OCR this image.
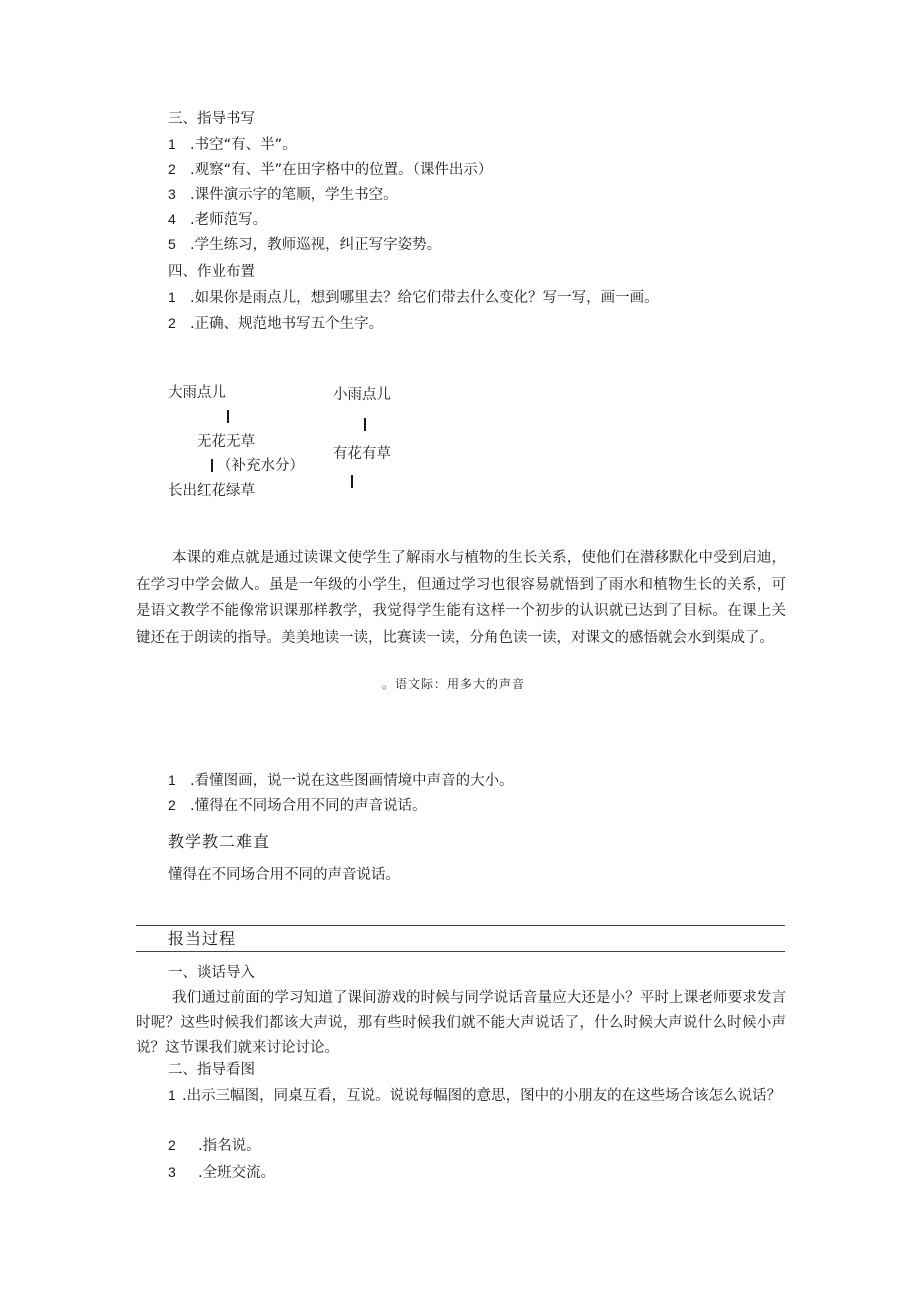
三、指导书写
1 .书空“有、半”。
2 .观察“有、半”在田字格中的位置。（课件出示）
3 .课件演示字的笔顺，学生书空。
4 .老师范写。
5 .学生练习，教师巡视，纠正写字姿势。
四、作业布置
1 .如果你是雨点儿，想到哪里去？给它们带去什么变化？写一写，画一画。
2 .正确、规范地书写五个生字。
大雨点儿
无花无草
（补充水分）
长出红花绿草
小雨点儿
有花有草
本课的难点就是通过读课文使学生了解雨水与植物的生长关系，使他们在潜移默化中受到启迪，在学习中学会做人。虽是一年级的小学生，但通过学习也很容易就悟到了雨水和植物生长的关系，可是语文教学不能像常识课那样教学，我觉得学生能有这样一个初步的认识就已达到了目标。在课上关键还在于朗读的指导。美美地读一读，比赛读一读，分角色读一读，对课文的感悟就会水到渠成了。
。语文际：用多大的声音
1 .看懂图画，说一说在这些图画情境中声音的大小。
2 .懂得在不同场合用不同的声音说话。
教学教二难直
懂得在不同场合用不同的声音说话。
报当过程
一、谈话导入
我们通过前面的学习知道了课间游戏的时候与同学说话音量应大还是小？平时上课老师要求发言时呢？这些时候我们都该大声说，那有些时候我们就不能大声说话了，什么时候大声说什么时候小声说？这节课我们就来讨论讨论。
二、指导看图
1 .出示三幅图，同桌互看，互说。说说每幅图的意思，图中的小朋友的在这些场合该怎么说话？
2 .指名说。
3 .全班交流。
